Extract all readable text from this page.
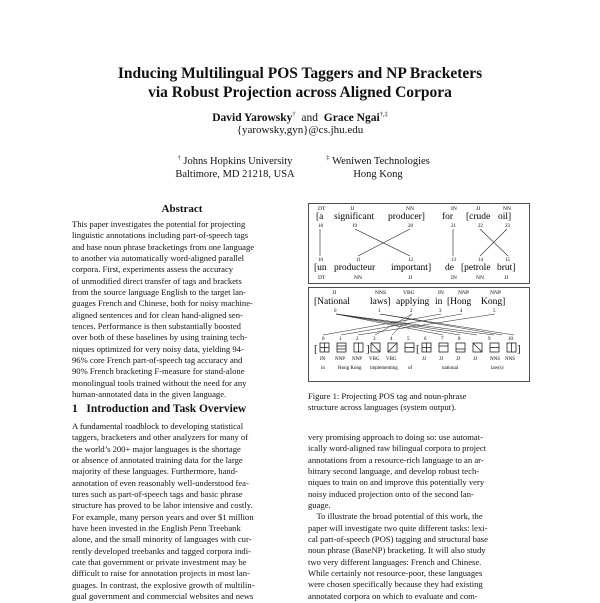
Inducing Multilingual POS Taggers and NP Bracketers
via Robust Projection across Aligned Corpora
David Yarowsky† and Grace Ngai†,‡
{yarowsky,gyn}@cs.jhu.edu
† Johns Hopkins University
Baltimore, MD 21218, USA
‡ Weniwen Technologies
Hong Kong
Abstract
This paper investigates the potential for projecting
linguistic annotations including part-of-speech tags
and base noun phrase bracketings from one language
to another via automatically word-aligned parallel
corpora. First, experiments assess the accuracy
of unmodified direct transfer of tags and brackets
from the source language English to the target lan-
guages French and Chinese, both for noisy machine-
aligned sentences and for clean hand-aligned sen-
tences. Performance is then substantially boosted
over both of these baselines by using training tech-
niques optimized for very noisy data, yielding 94-
96% core French part-of-speech tag accuracy and
90% French bracketing F-measure for stand-alone
monolingual tools trained without the need for any
human-annotated data in the given language.
1 Introduction and Task Overview
A fundamental roadblock to developing statistical
taggers, bracketers and other analyzers for many of
the world’s 200+ major languages is the shortage
or absence of annotated training data for the large
majority of these languages. Furthermore, hand-
annotation of even reasonably well-understood fea-
tures such as part-of-speech tags and basic phrase
structure has proved to be labor intensive and costly.
For example, many person years and over $1 million
have been invested in the English Penn Treebank
alone, and the small minority of languages with cur-
rently developed treebanks and tagged corpora indi-
cate that government or private investment may be
difficult to raise for annotation projects in most lan-
guages. In contrast, the explosive growth of multilin-
gual government and commercial websites and news
DT	JJ	NN	IN	JJ	NN
[a significant producer] for [crude oil]
18	19	20	21	22	23
10	11	12	13	14	15
[un producteur important] de [petrole brut]
DT	NN	JJ	IN	NN	JJ
JJ	NNS	VBG	IN	NNP	NNP
[National laws] applying in [Hong Kong]
0	1	2	3	4	5
0	1	2	3	4	5	6	7	8	9	10
[	]	[	]
IN NNP NNP VBG VBG	JJ	JJ	JJ	JJ	NNS NNS
in	Hong Kong implementing of	national	law(s)
Figure 1: Projecting POS tag and noun-phrase
structure across languages (system output).
very promising approach to doing so: use automat-
ically word-aligned raw bilingual corpora to project
annotations from a resource-rich language to an ar-
bitrary second language, and develop robust tech-
niques to train on and improve this potentially very
noisy induced projection onto of the second lan-
guage.
To illustrate the broad potential of this work, the
paper will investigate two quite different tasks: lexi-
cal part-of-speech (POS) tagging and structural base
noun phrase (BaseNP) bracketing. It will also study
two very different languages: French and Chinese.
While certainly not resource-poor, these languages
were chosen specifically because they had existing
annotated corpora on which to evaluate and com-
